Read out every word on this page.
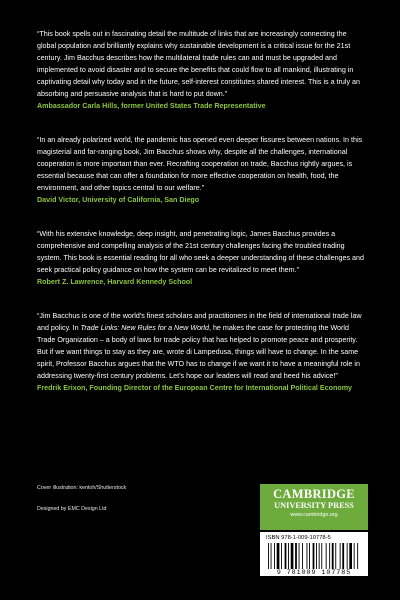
“This book spells out in fascinating detail the multitude of links that are increasingly connecting the global population and brilliantly explains why sustainable development is a critical issue for the 21st century. Jim Bacchus describes how the multilateral trade rules can and must be upgraded and implemented to avoid disaster and to secure the benefits that could flow to all mankind, illustrating in captivating detail why today and in the future, self-interest constitutes shared interest. This is a truly an absorbing and persuasive analysis that is hard to put down.”

Ambassador Carla Hills, former United States Trade Representative

“In an already polarized world, the pandemic has opened even deeper fissures between nations. In this magisterial and far-ranging book, Jim Bacchus shows why, despite all the challenges, international cooperation is more important than ever. Recrafting cooperation on trade, Bacchus rightly argues, is essential because that can offer a foundation for more effective cooperation on health, food, the environment, and other topics central to our welfare.”

David Victor, University of California, San Diego

“With his extensive knowledge, deep insight, and penetrating logic, James Bacchus provides a comprehensive and compelling analysis of the 21st century challenges facing the troubled trading system. This book is essential reading for all who seek a deeper understanding of these challenges and seek practical policy guidance on how the system can be revitalized to meet them.”

Robert Z. Lawrence, Harvard Kennedy School

“Jim Bacchus is one of the world’s finest scholars and practitioners in the field of international trade law and policy. In Trade Links: New Rules for a New World, he makes the case for protecting the World Trade Organization – a body of laws for trade policy that has helped to promote peace and prosperity. But if we want things to stay as they are, wrote di Lampedusa, things will have to change. In the same spirit, Professor Bacchus argues that the WTO has to change if we want it to have a meaningful role in addressing twenty-first century problems. Let’s hope our leaders will read and heed his advice!”

Fredrik Erixon, Founding Director of the European Centre for International Political Economy

Cover illustration: kentoh/Shutterstock

Designed by EMC Design Ltd

CAMBRIDGE

UNIVERSITY PRESS

www.cambridge.org

ISBN 978-1-009-10778-5

9 781009 107785
